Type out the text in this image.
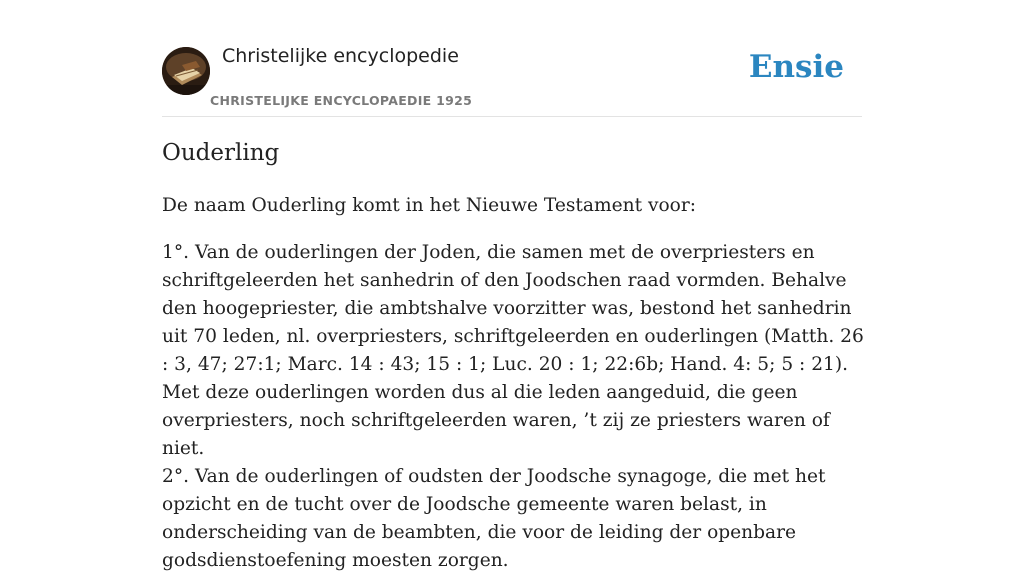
Christelijke encyclopedie
CHRISTELIJKE ENCYCLOPAEDIE 1925
Ensie
Ouderling

De naam Ouderling komt in het Nieuwe Testament voor:

1°. Van de ouderlingen der Joden, die samen met de overpriesters en schriftgeleerden het sanhedrin of den Joodschen raad vormden. Behalve den hoogepriester, die ambtshalve voorzitter was, bestond het sanhedrin uit 70 leden, nl. overpriesters, schriftgeleerden en ouderlingen (Matth. 26 : 3, 47; 27:1; Marc. 14 : 43; 15 : 1; Luc. 20 : 1; 22:6b; Hand. 4: 5; 5 : 21). Met deze ouderlingen worden dus al die leden aangeduid, die geen overpriesters, noch schriftgeleerden waren, ’t zij ze priesters waren of niet.

2°. Van de ouderlingen of oudsten der Joodsche synagoge, die met het opzicht en de tucht over de Joodsche gemeente waren belast, in onderscheiding van de beambten, die voor de leiding der openbare godsdienstoefening moesten zorgen.
